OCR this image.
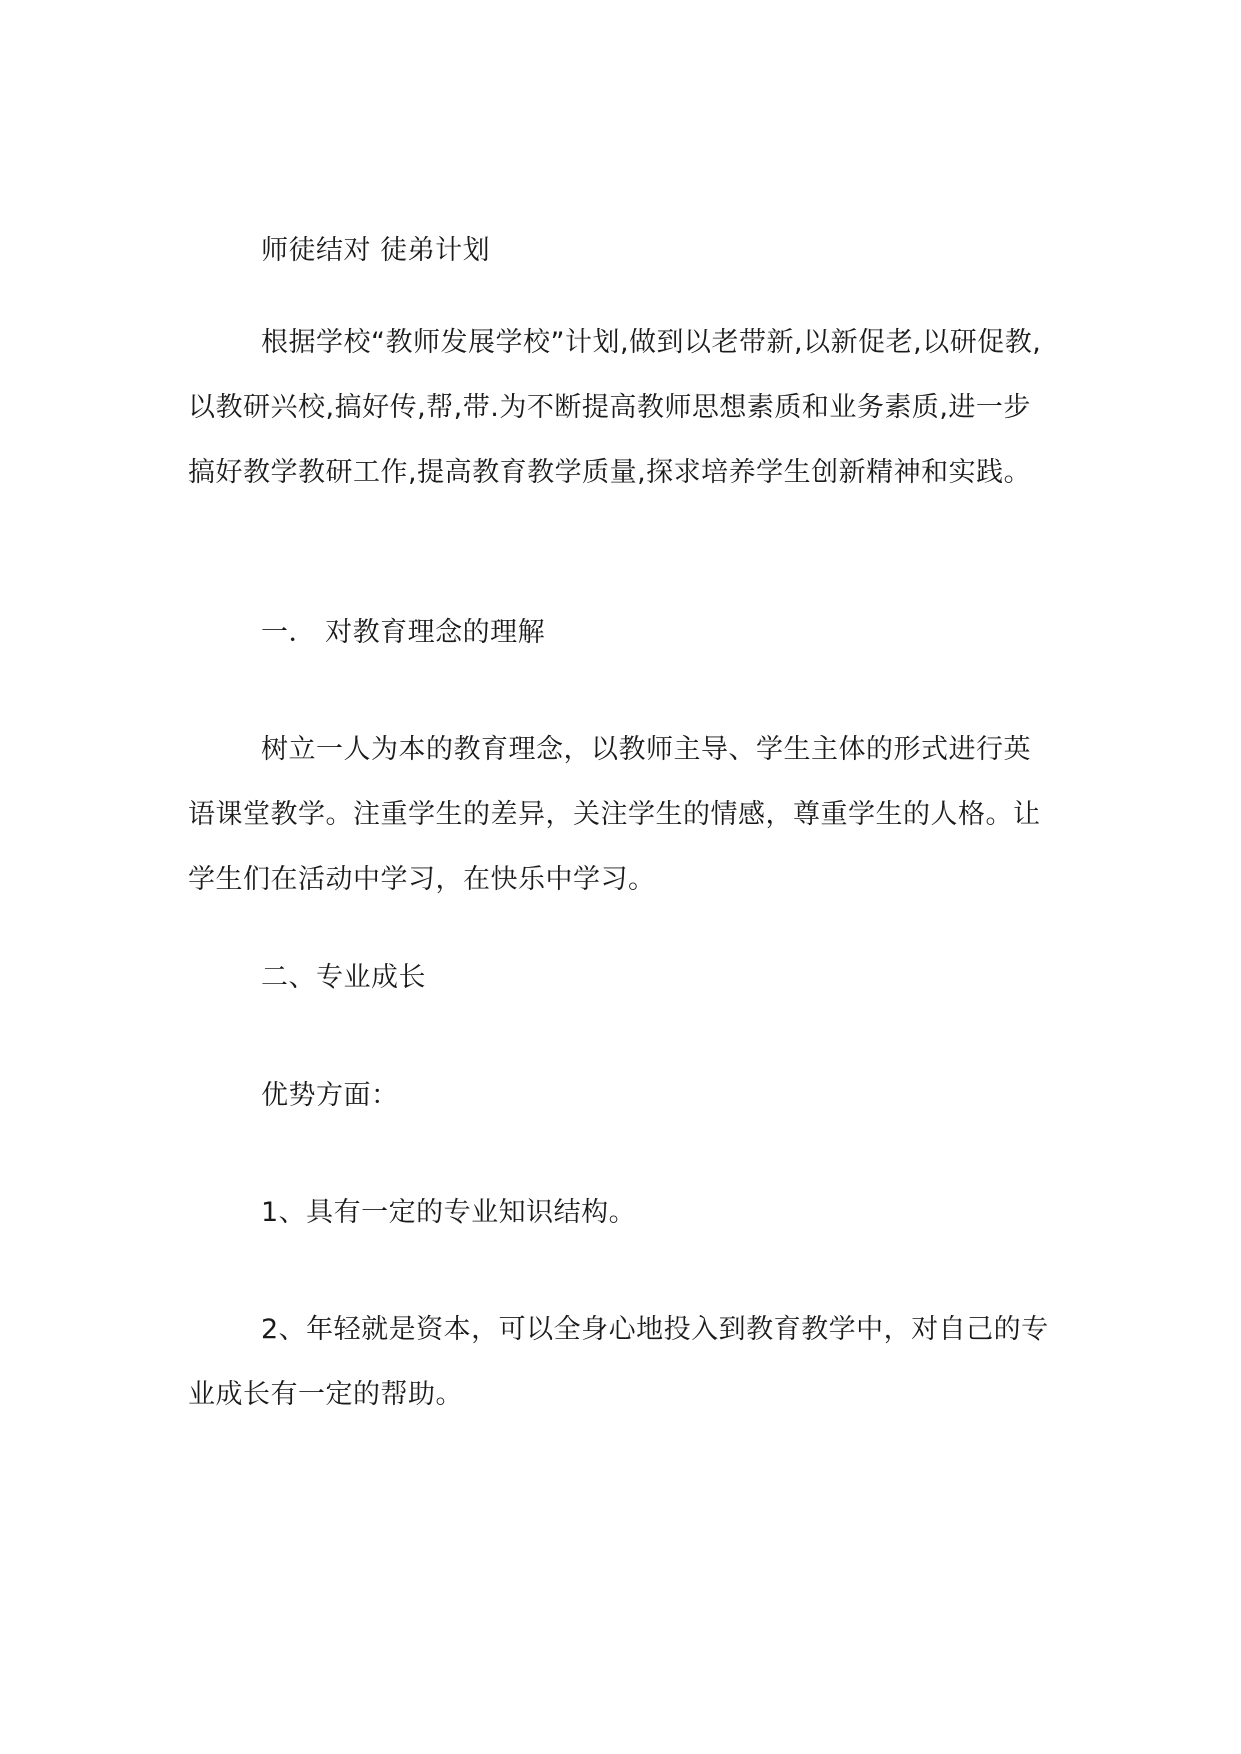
师徒结对 徒弟计划

根据学校“教师发展学校”计划,做到以老带新,以新促老,以研促教,以教研兴校,搞好传,帮,带.为不断提高教师思想素质和业务素质,进一步搞好教学教研工作,提高教育教学质量,探求培养学生创新精神和实践。

一． 对教育理念的理解

树立一人为本的教育理念，以教师主导、学生主体的形式进行英语课堂教学。注重学生的差异，关注学生的情感，尊重学生的人格。让学生们在活动中学习，在快乐中学习。

二、专业成长

优势方面：

1、具有一定的专业知识结构。

2、年轻就是资本，可以全身心地投入到教育教学中，对自己的专业成长有一定的帮助。
